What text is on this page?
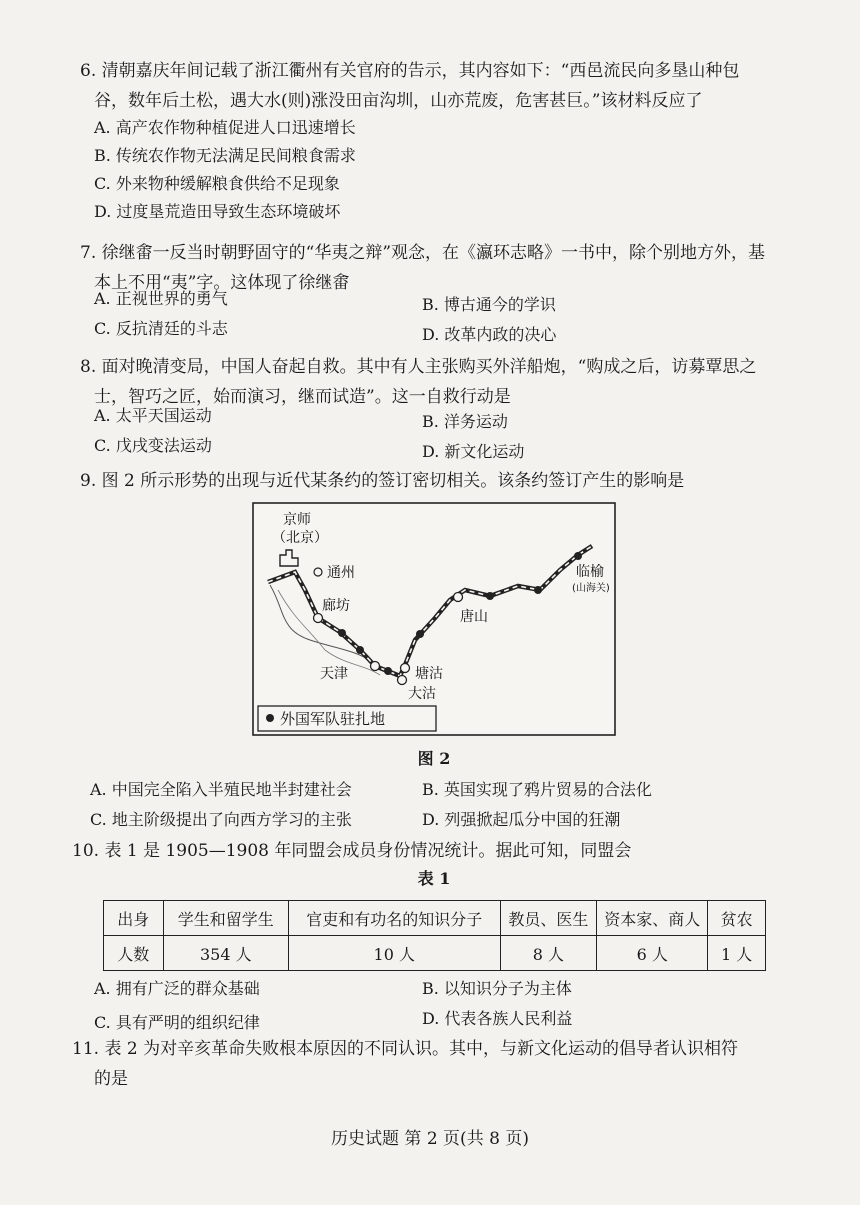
6. 清朝嘉庆年间记载了浙江衢州有关官府的告示，其内容如下：“西邑流民向多垦山种包
谷，数年后土松，遇大水(则)涨没田亩沟圳，山亦荒废，危害甚巨。”该材料反应了
A. 高产农作物种植促进人口迅速增长
B. 传统农作物无法满足民间粮食需求
C. 外来物种缓解粮食供给不足现象
D. 过度垦荒造田导致生态环境破坏
7. 徐继畬一反当时朝野固守的“华夷之辩”观念，在《瀛环志略》一书中，除个别地方外，基
本上不用“夷”字。这体现了徐继畬
A. 正视世界的勇气	B. 博古通今的学识
C. 反抗清廷的斗志	D. 改革内政的决心
8. 面对晚清变局，中国人奋起自救。其中有人主张购买外洋船炮，“购成之后，访募覃思之
士，智巧之匠，始而演习，继而试造”。这一自救行动是
A. 太平天国运动	B. 洋务运动
C. 戊戌变法运动	D. 新文化运动
9. 图 2 所示形势的出现与近代某条约的签订密切相关。该条约签订产生的影响是
京师
（北京）
通州
廊坊
天津	塘沽
大沽
唐山
临榆
(山海关)
外国军队驻扎地
图 2
A. 中国完全陷入半殖民地半封建社会	B. 英国实现了鸦片贸易的合法化
C. 地主阶级提出了向西方学习的主张	D. 列强掀起瓜分中国的狂潮
10. 表 1 是 1905—1908 年同盟会成员身份情况统计。据此可知，同盟会
表 1
出身	学生和留学生	官吏和有功名的知识分子	教员、医生	资本家、商人	贫农
人数	354 人	10 人	8 人	6 人	1 人
A. 拥有广泛的群众基础	B. 以知识分子为主体
C. 具有严明的组织纪律	D. 代表各族人民利益
11. 表 2 为对辛亥革命失败根本原因的不同认识。其中，与新文化运动的倡导者认识相符
的是
历史试题 第 2 页(共 8 页)
